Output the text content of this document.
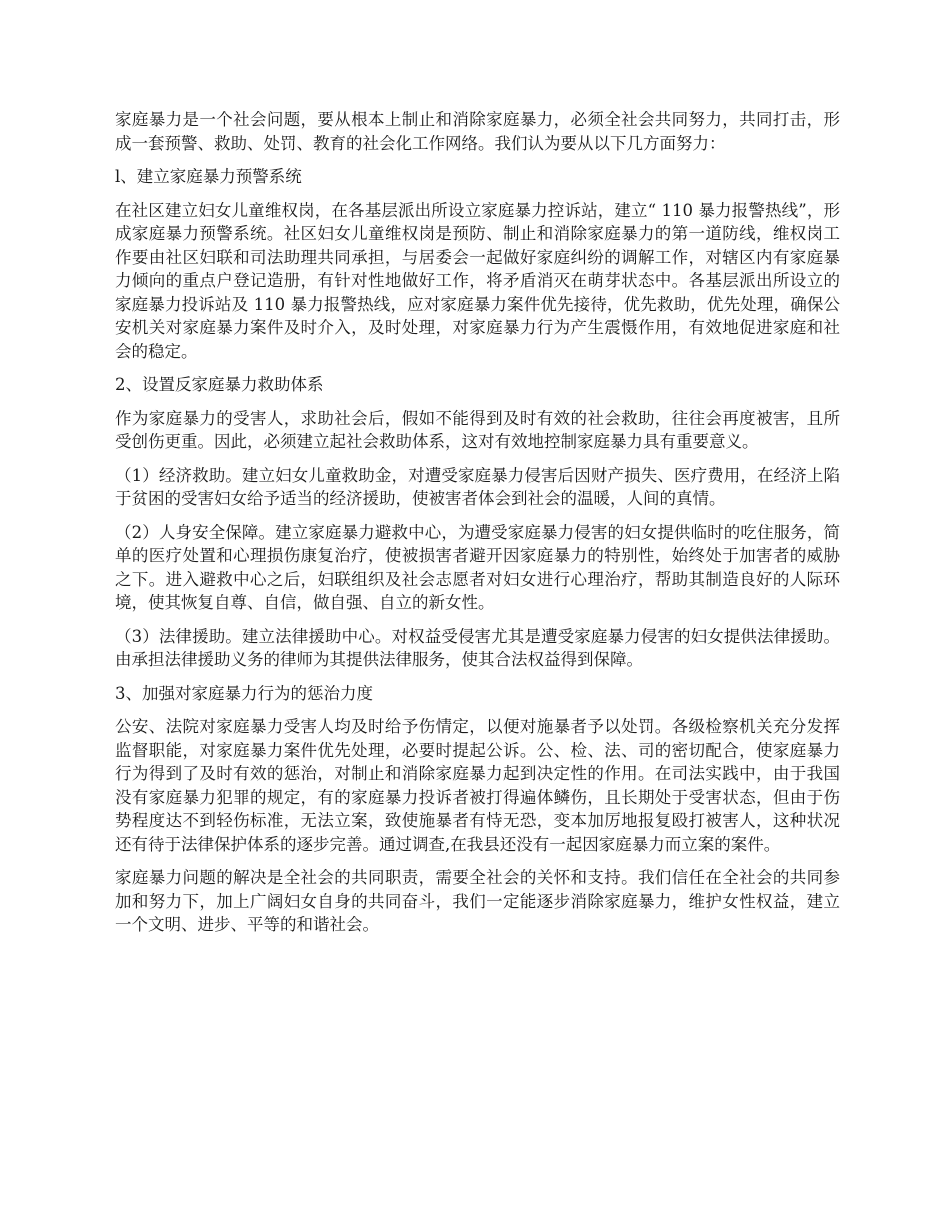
家庭暴力是一个社会问题，要从根本上制止和消除家庭暴力，必须全社会共同努力，共同打击，形成一套预警、救助、处罚、教育的社会化工作网络。我们认为要从以下几方面努力：

l、建立家庭暴力预警系统

在社区建立妇女儿童维权岗，在各基层派出所设立家庭暴力控诉站，建立“ 110 暴力报警热线”，形成家庭暴力预警系统。社区妇女儿童维权岗是预防、制止和消除家庭暴力的第一道防线，维权岗工作要由社区妇联和司法助理共同承担，与居委会一起做好家庭纠纷的调解工作，对辖区内有家庭暴力倾向的重点户登记造册，有针对性地做好工作，将矛盾消灭在萌芽状态中。各基层派出所设立的家庭暴力投诉站及 110 暴力报警热线，应对家庭暴力案件优先接待，优先救助，优先处理，确保公安机关对家庭暴力案件及时介入，及时处理，对家庭暴力行为产生震慑作用，有效地促进家庭和社会的稳定。

2、设置反家庭暴力救助体系

作为家庭暴力的受害人，求助社会后，假如不能得到及时有效的社会救助，往往会再度被害，且所受创伤更重。因此，必须建立起社会救助体系，这对有效地控制家庭暴力具有重要意义。

（1）经济救助。建立妇女儿童救助金，对遭受家庭暴力侵害后因财产损失、医疗费用，在经济上陷于贫困的受害妇女给予适当的经济援助，使被害者体会到社会的温暖，人间的真情。

（2）人身安全保障。建立家庭暴力避救中心，为遭受家庭暴力侵害的妇女提供临时的吃住服务，简单的医疗处置和心理损伤康复治疗，使被损害者避开因家庭暴力的特别性，始终处于加害者的威胁之下。进入避救中心之后，妇联组织及社会志愿者对妇女进行心理治疗，帮助其制造良好的人际环境，使其恢复自尊、自信，做自强、自立的新女性。

（3）法律援助。建立法律援助中心。对权益受侵害尤其是遭受家庭暴力侵害的妇女提供法律援助。由承担法律援助义务的律师为其提供法律服务，使其合法权益得到保障。

3、加强对家庭暴力行为的惩治力度

公安、法院对家庭暴力受害人均及时给予伤情定，以便对施暴者予以处罚。各级检察机关充分发挥监督职能，对家庭暴力案件优先处理，必要时提起公诉。公、检、法、司的密切配合，使家庭暴力行为得到了及时有效的惩治，对制止和消除家庭暴力起到决定性的作用。在司法实践中，由于我国没有家庭暴力犯罪的规定，有的家庭暴力投诉者被打得遍体鳞伤，且长期处于受害状态，但由于伤势程度达不到轻伤标准，无法立案，致使施暴者有恃无恐，变本加厉地报复殴打被害人，这种状况还有待于法律保护体系的逐步完善。通过调查,在我县还没有一起因家庭暴力而立案的案件。

家庭暴力问题的解决是全社会的共同职责，需要全社会的关怀和支持。我们信任在全社会的共同参加和努力下，加上广阔妇女自身的共同奋斗，我们一定能逐步消除家庭暴力，维护女性权益，建立一个文明、进步、平等的和谐社会。
